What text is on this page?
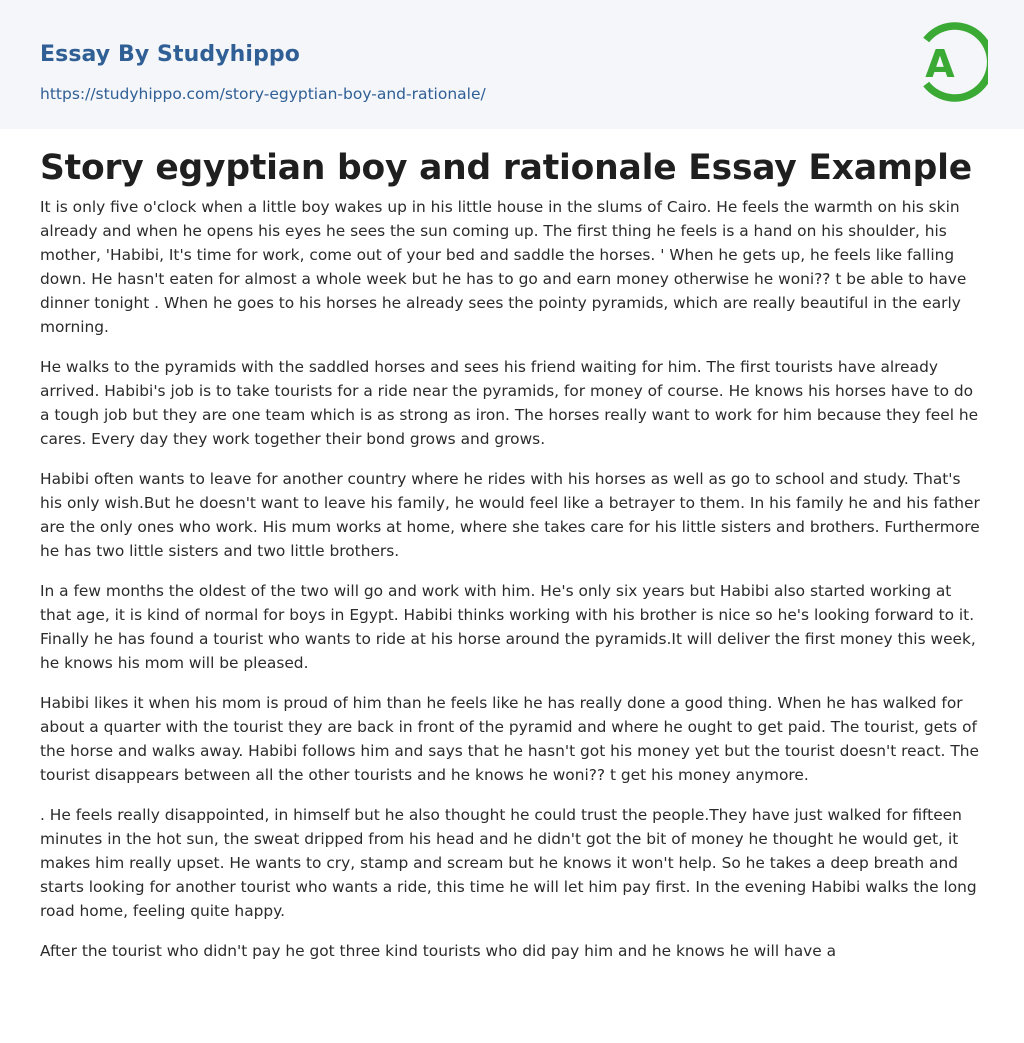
Essay By Studyhippo
https://studyhippo.com/story-egyptian-boy-and-rationale/
A
Story egyptian boy and rationale Essay Example

It is only five o'clock when a little boy wakes up in his little house in the slums of Cairo. He feels the warmth on his skin already and when he opens his eyes he sees the sun coming up. The first thing he feels is a hand on his shoulder, his mother, 'Habibi, It's time for work, come out of your bed and saddle the horses. ' When he gets up, he feels like falling down. He hasn't eaten for almost a whole week but he has to go and earn money otherwise he woni?? t be able to have dinner tonight . When he goes to his horses he already sees the pointy pyramids, which are really beautiful in the early morning.

He walks to the pyramids with the saddled horses and sees his friend waiting for him. The first tourists have already arrived. Habibi's job is to take tourists for a ride near the pyramids, for money of course. He knows his horses have to do a tough job but they are one team which is as strong as iron. The horses really want to work for him because they feel he cares. Every day they work together their bond grows and grows.

Habibi often wants to leave for another country where he rides with his horses as well as go to school and study. That's his only wish.But he doesn't want to leave his family, he would feel like a betrayer to them. In his family he and his father are the only ones who work. His mum works at home, where she takes care for his little sisters and brothers. Furthermore he has two little sisters and two little brothers.

In a few months the oldest of the two will go and work with him. He's only six years but Habibi also started working at that age, it is kind of normal for boys in Egypt. Habibi thinks working with his brother is nice so he's looking forward to it. Finally he has found a tourist who wants to ride at his horse around the pyramids.It will deliver the first money this week, he knows his mom will be pleased.

Habibi likes it when his mom is proud of him than he feels like he has really done a good thing. When he has walked for about a quarter with the tourist they are back in front of the pyramid and where he ought to get paid. The tourist, gets of the horse and walks away. Habibi follows him and says that he hasn't got his money yet but the tourist doesn't react. The tourist disappears between all the other tourists and he knows he woni?? t get his money anymore.

. He feels really disappointed, in himself but he also thought he could trust the people.They have just walked for fifteen minutes in the hot sun, the sweat dripped from his head and he didn't got the bit of money he thought he would get, it makes him really upset. He wants to cry, stamp and scream but he knows it won't help. So he takes a deep breath and starts looking for another tourist who wants a ride, this time he will let him pay first. In the evening Habibi walks the long road home, feeling quite happy.

After the tourist who didn't pay he got three kind tourists who did pay him and he knows he will have a
